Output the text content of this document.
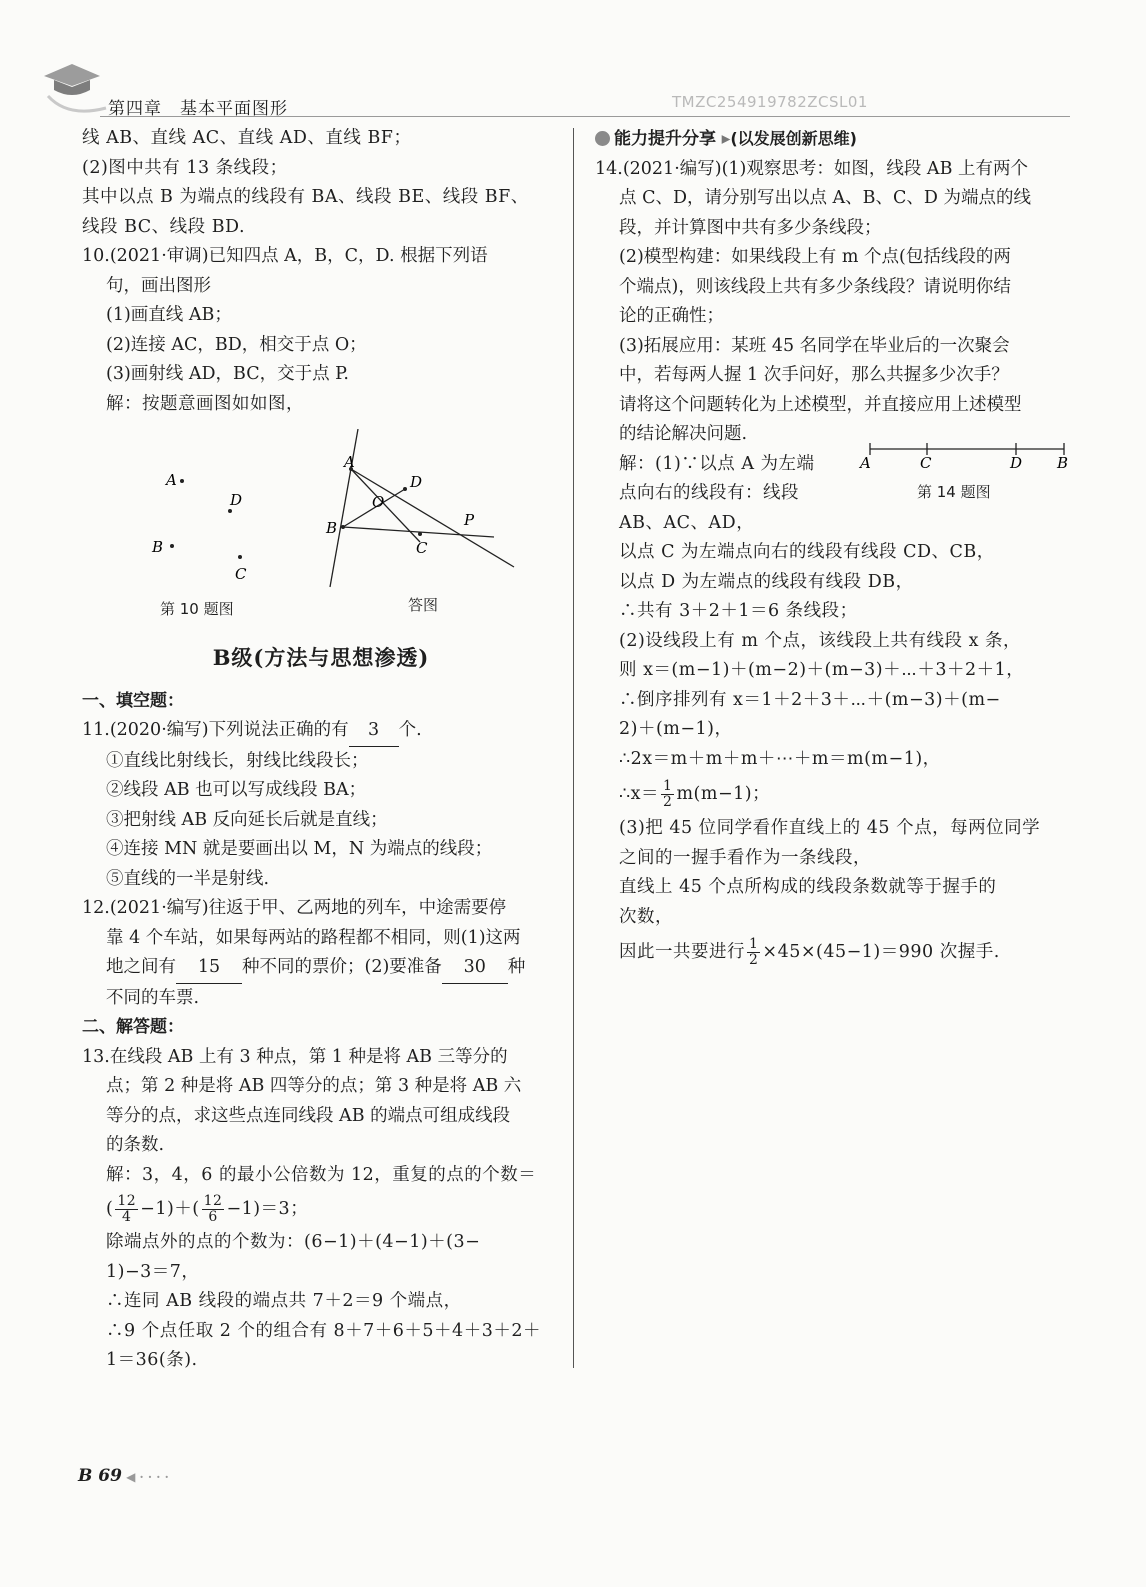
第四章　基本平面图形	TMZC254919782ZCSL01
线 AB、直线 AC、直线 AD、直线 BF；
(2)图中共有 13 条线段；
其中以点 B 为端点的线段有 BA、线段 BE、线段 BF、
线段 BC、线段 BD.
10.(2021·审调)已知四点 A，B，C，D. 根据下列语
句，画出图形
(1)画直线 AB；
(2)连接 AC，BD，相交于点 O；
(3)画射线 AD，BC，交于点 P.
解：按题意画图如如图，
A
D
B
C
A
D
O
B
C
P
第 10 题图	答图
B级(方法与思想渗透)
一、填空题：
11.(2020·编写)下列说法正确的有 3 个.
①直线比射线长，射线比线段长；
②线段 AB 也可以写成线段 BA；
③把射线 AB 反向延长后就是直线；
④连接 MN 就是要画出以 M，N 为端点的线段；
⑤直线的一半是射线.
12.(2021·编写)往返于甲、乙两地的列车，中途需要停
靠 4 个车站，如果每两站的路程都不相同，则(1)这两
地之间有 15 种不同的票价；(2)要准备 30 种
不同的车票.
二、解答题：
13.在线段 AB 上有 3 种点，第 1 种是将 AB 三等分的
点；第 2 种是将 AB 四等分的点；第 3 种是将 AB 六
等分的点，求这些点连同线段 AB 的端点可组成线段
的条数.
解：3，4，6 的最小公倍数为 12，重复的点的个数＝
( $\frac{12}{4} -1)+( \frac{12}{6} -1)=3$；
除端点外的点的个数为：(6−1)＋(4−1)＋(3−
1)−3＝7，
∴连同 AB 线段的端点共 7＋2＝9 个端点，
∴9 个点任取 2 个的组合有 8＋7＋6＋5＋4＋3＋2＋
1＝36(条).
能力提升分享 ▸(以发展创新思维)
14.(2021·编写)(1)观察思考：如图，线段 AB 上有两个
点 C、D，请分别写出以点 A、B、C、D 为端点的线
段，并计算图中共有多少条线段；
(2)模型构建：如果线段上有 m 个点(包括线段的两
个端点)，则该线段上共有多少条线段？请说明你结
论的正确性；
(3)拓展应用：某班 45 名同学在毕业后的一次聚会
中，若每两人握 1 次手问好，那么共握多少次手？
请将这个问题转化为上述模型，并直接应用上述模型
的结论解决问题.
解：(1)∵以点 A 为左端
点向右的线段有：线段
AB、AC、AD，
以点 C 为左端点向右的线段有线段 CD、CB，
以点 D 为左端点的线段有线段 DB，
∴共有 3＋2＋1＝6 条线段；
(2)设线段上有 m 个点，该线段上共有线段 x 条，
则 x＝(m−1)＋(m−2)＋(m−3)＋⋯＋3＋2＋1，
∴倒序排列有 x＝1＋2＋3＋⋯＋(m−3)＋(m−
2)＋(m−1)，
∴2x＝m＋m＋m＋⋯＋m＝m(m−1)，
∴x＝ $\frac{1}{2} m(m-1)$；
(3)把 45 位同学看作直线上的 45 个点，每两位同学
之间的一握手看作为一条线段，
直线上 45 个点所构成的线段条数就等于握手的
次数，
因此一共要进行 $\frac{1}{2} \times 45\times(45-1)=990$ 次握手.
A	C	D B
第 14 题图
B 69 ◀ · · · ·
